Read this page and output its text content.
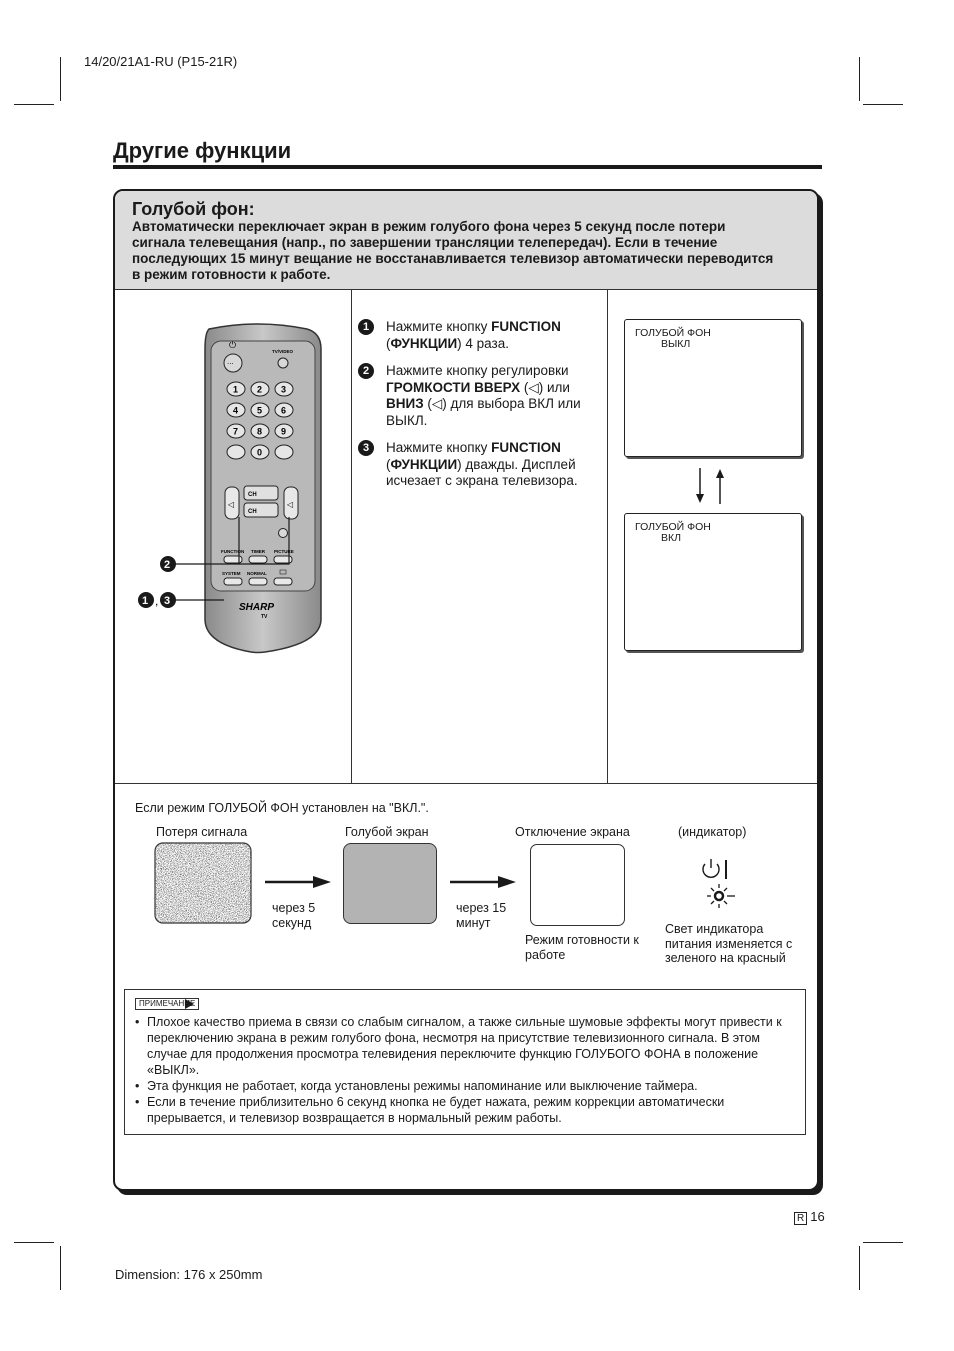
14/20/21A1-RU (P15-21R)
Другие функции
Голубой фон:
Автоматически переключает экран в режим голубого фона через 5 секунд после потери сигнала телевещания (напр., по завершении трансляции телепередач). Если в течение последующих 15 минут вещание не восстанавливается телевизор автоматически переводится в режим готовности к работе.
⏻
TV/VIDEO
···
1 2 3
4 5 6
7 8 9
0
◁	◁
CH
CH
FUNCTION TIMER PICTURE
SYSTEM NORMAL
SHARP
TV
2
1 , 3
1	Нажмите кнопку FUNCTION (ФУНКЦИИ) 4 раза.
2	Нажмите кнопку регулировки ГРОМКОСТИ ВВЕРХ (◁) или ВНИЗ (◁) для выбора ВКЛ или ВЫКЛ.
3	Нажмите кнопку FUNCTION (ФУНКЦИИ) дважды. Дисплей исчезает с экрана телевизора.
ГОЛУБОЙ ФОН
ВЫКЛ
ГОЛУБОЙ ФОН
ВКЛ
Если режим ГОЛУБОЙ ФОН установлен на "ВКЛ.".
Потеря сигнала	Голубой экран	Отключение экрана	(индикатор)
через 5 секунд
через 15 минут
Режим готовности к работе
Свет индикатора питания изменяется с зеленого на красный
ПРИМЕЧАНИЕ
• Плохое качество приема в связи со слабым сигналом, а также сильные шумовые эффекты могут привести к переключению экрана в режим голубого фона, несмотря на присутствие телевизионного сигнала. В этом случае для продолжения просмотра телевидения переключите функцию ГОЛУБОГО ФОНА в положение «ВЫКЛ».
• Эта функция не работает, когда установлены режимы напоминание или выключение таймера.
• Если в течение приблизительно 6 секунд кнопка не будет нажата, режим коррекции автоматически прерывается, и телевизор возвращается в нормальный режим работы.
R 16
Dimension: 176 x 250mm
